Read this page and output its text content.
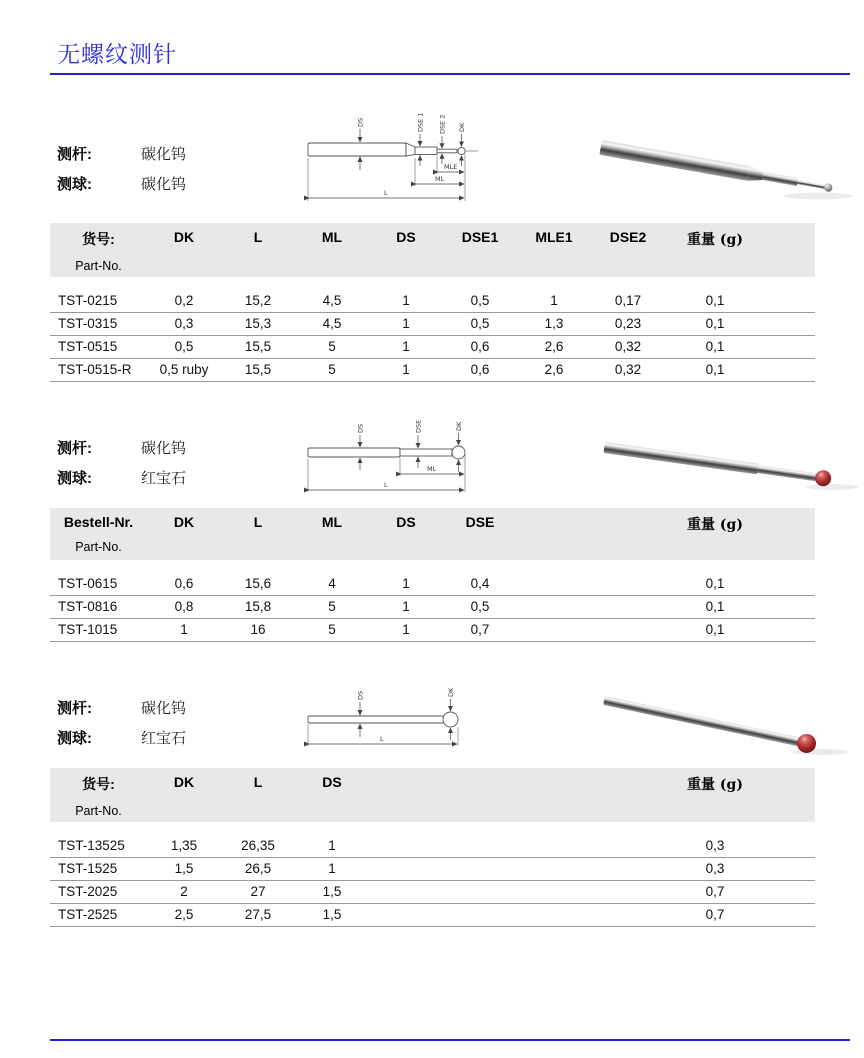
无螺纹测针
测杆:	碳化钨
测球:	碳化钨
DS	DSE 1 DSE 2 DK
MLE
ML
L
货号:
Part-No.	DK	L	ML	DS	DSE1	MLE1	DSE2	重量 (g)	

TST-0215	0,2	15,2	4,5	1	0,5	1	0,17	0,1	
TST-0315	0,3	15,3	4,5	1	0,5	1,3	0,23	0,1	
TST-0515	0,5	15,5	5	1	0,6	2,6	0,32	0,1	
TST-0515-R	0,5 ruby	15,5	5	1	0,6	2,6	0,32	0,1	
测杆:	碳化钨
测球:	红宝石
DS	DSE	DK
ML
L
Bestell-Nr.
Part-No.	DK	L	ML	DS	DSE		重量 (g)	

TST-0615	0,6	15,6	4	1	0,4		0,1	
TST-0816	0,8	15,8	5	1	0,5		0,1	
TST-1015	1	16	5	1	0,7		0,1	
测杆:	碳化钨
测球:	红宝石
DS	DK
L
货号:
Part-No.	DK	L	DS		重量 (g)	

TST-13525	1,35	26,35	1		0,3	
TST-1525	1,5	26,5	1		0,3	
TST-2025	2	27	1,5		0,7	
TST-2525	2,5	27,5	1,5		0,7	
